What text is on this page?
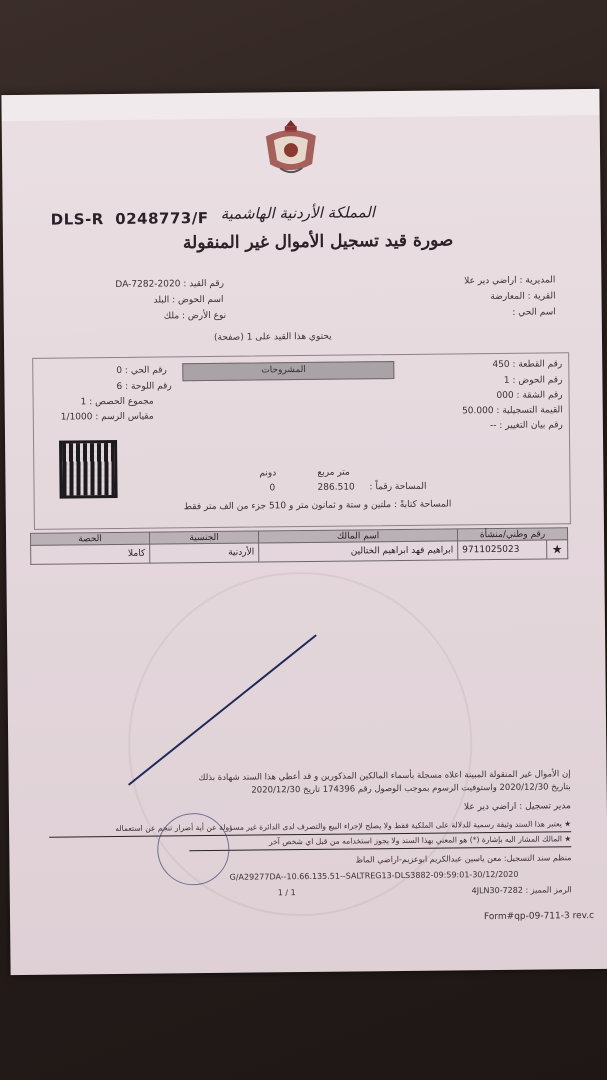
DLS-R 0248773/F المملكة الأردنية الهاشمية
صورة قيد تسجيل الأموال غير المنقولة
المديرية : اراضي دير علا
القرية : المعارضة
اسم الحي :
رقم القيد : 2020-DA-7282
اسم الحوض : البلد
نوع الأرض : ملك
يحتوي هذا القيد على 1 (صفحة)
المشروحات
رقم القطعة : 450
رقم الحوض : 1
رقم الشقة : 000
القيمة التسجيلية : 50.000
رقم بيان التغيير : --
رقم الحي : 0
رقم اللوحة : 6
مجموع الحصص : 1
مقياس الرسم : 1/1000
متر مربع
دونم
المساحة رقماً :
286.510
0
المساحة كتابةً : ملتين و ستة و ثمانون متر و 510 جزء من الف متر فقط
الحصة	الجنسية	اسم المالك	رقم وطني/منشأة	
كاملا	الأردنية	ابراهيم فهد ابراهيم الختالين	9711025023	★
إن الأموال غير المنقولة المبينة اعلاه مسجلة بأسماء المالكين المذكورين و قد أعطي هذا السند شهادة بذلك
بتاريخ 2020/12/30 واستوفيت الرسوم بموجب الوصول رقم 174396 تاريخ 2020/12/30
مدير تسجيل : اراضي دير علا
★ يعتبر هذا السند وثيقة رسمية للدلالة على الملكية فقط ولا يصلح لإجراء البيع والتصرف لدى الدائرة غير مسؤولة عن أية أضرار تنجم عن استعماله
★ المالك المشار اليه بإشارة (*) هو المعني بهذا السند ولا يجوز استخدامه من قبل اي شخص آخر
منظم سند التسجيل: معن ياسين عبدالكريم ابوعزيم-اراضي الماظ
G/A29277DA--10.66.135.51--SALTREG13-DLS3882-09:59:01-30/12/2020
1 / 1	الرمز المميز : 7282-4JLN30
Form#qp-09-711-3 rev.c
